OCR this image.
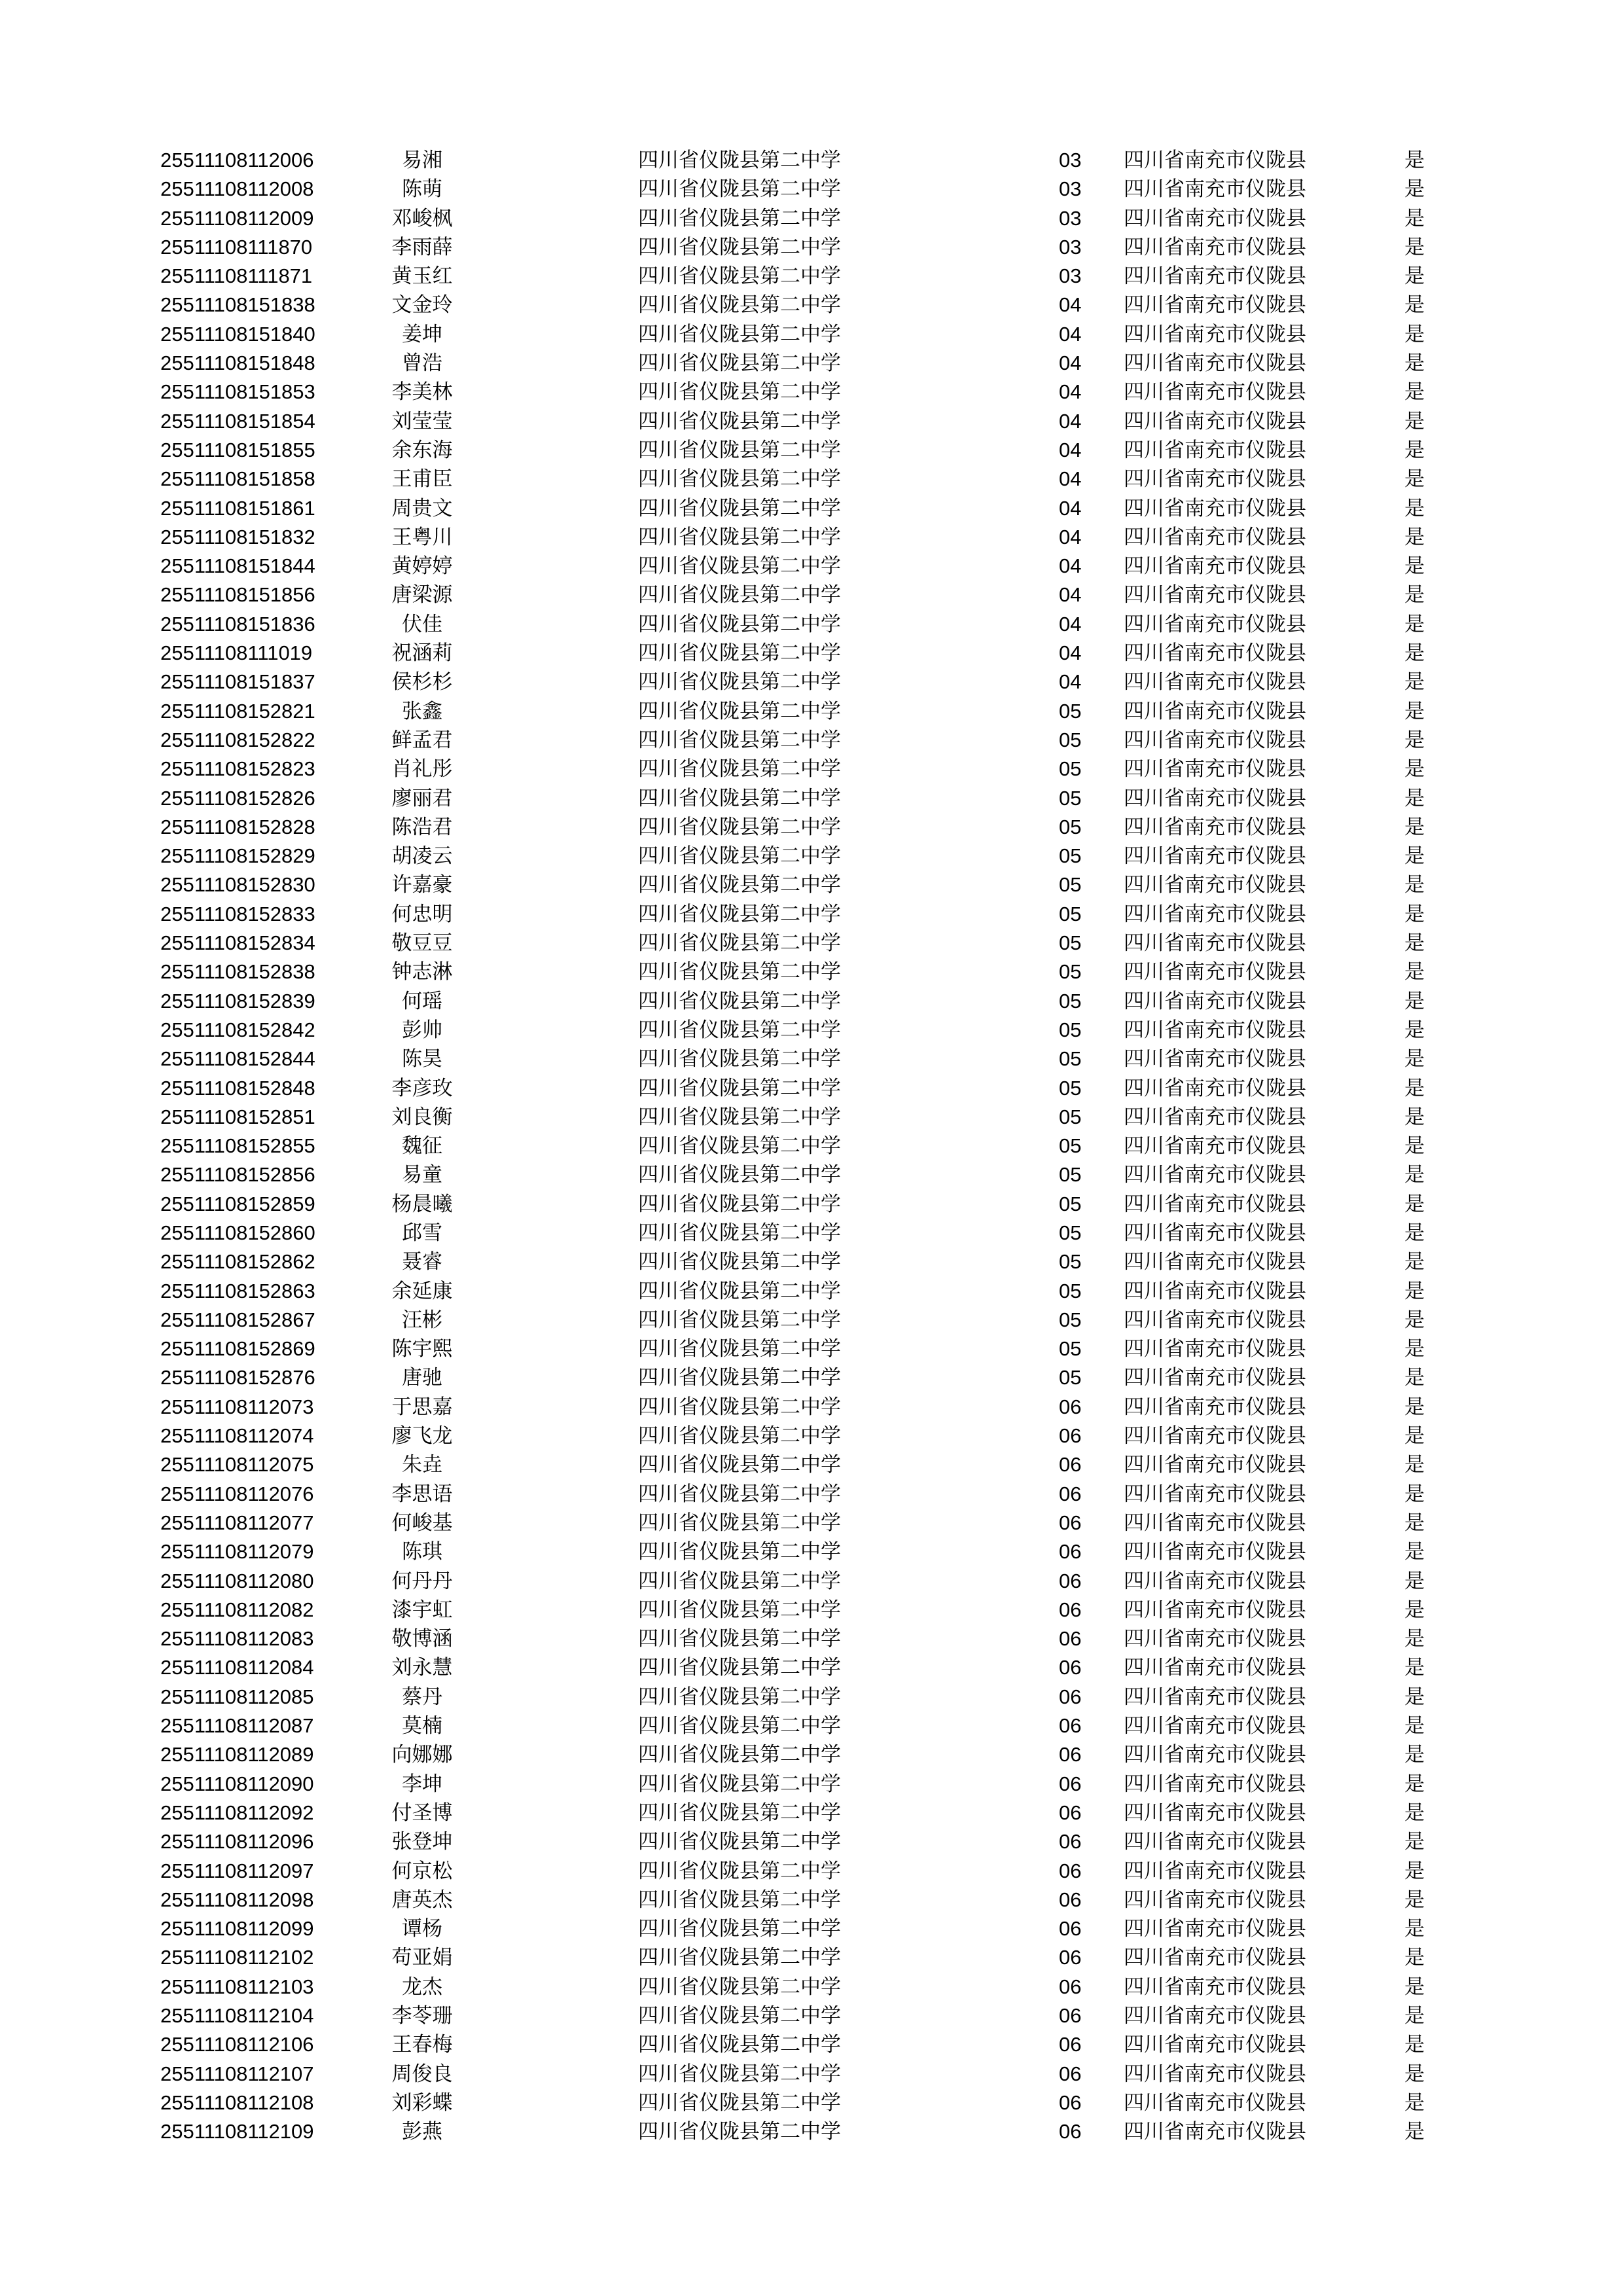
25511108112006	易湘	四川省仪陇县第二中学	03 四川省南充市仪陇县	是
25511108112008	陈萌	四川省仪陇县第二中学	03 四川省南充市仪陇县	是
25511108112009	邓峻枫	四川省仪陇县第二中学	03 四川省南充市仪陇县	是
25511108111870	李雨薛	四川省仪陇县第二中学	03 四川省南充市仪陇县	是
25511108111871	黄玉红	四川省仪陇县第二中学	03 四川省南充市仪陇县	是
25511108151838	文金玲	四川省仪陇县第二中学	04 四川省南充市仪陇县	是
25511108151840	姜坤	四川省仪陇县第二中学	04 四川省南充市仪陇县	是
25511108151848	曾浩	四川省仪陇县第二中学	04 四川省南充市仪陇县	是
25511108151853	李美林	四川省仪陇县第二中学	04 四川省南充市仪陇县	是
25511108151854	刘莹莹	四川省仪陇县第二中学	04 四川省南充市仪陇县	是
25511108151855	余东海	四川省仪陇县第二中学	04 四川省南充市仪陇县	是
25511108151858	王甫臣	四川省仪陇县第二中学	04 四川省南充市仪陇县	是
25511108151861	周贵文	四川省仪陇县第二中学	04 四川省南充市仪陇县	是
25511108151832	王粤川	四川省仪陇县第二中学	04 四川省南充市仪陇县	是
25511108151844	黄婷婷	四川省仪陇县第二中学	04 四川省南充市仪陇县	是
25511108151856	唐梁源	四川省仪陇县第二中学	04 四川省南充市仪陇县	是
25511108151836	伏佳	四川省仪陇县第二中学	04 四川省南充市仪陇县	是
25511108111019	祝涵莉	四川省仪陇县第二中学	04 四川省南充市仪陇县	是
25511108151837	侯杉杉	四川省仪陇县第二中学	04 四川省南充市仪陇县	是
25511108152821	张鑫	四川省仪陇县第二中学	05 四川省南充市仪陇县	是
25511108152822	鲜孟君	四川省仪陇县第二中学	05 四川省南充市仪陇县	是
25511108152823	肖礼彤	四川省仪陇县第二中学	05 四川省南充市仪陇县	是
25511108152826	廖丽君	四川省仪陇县第二中学	05 四川省南充市仪陇县	是
25511108152828	陈浩君	四川省仪陇县第二中学	05 四川省南充市仪陇县	是
25511108152829	胡凌云	四川省仪陇县第二中学	05 四川省南充市仪陇县	是
25511108152830	许嘉豪	四川省仪陇县第二中学	05 四川省南充市仪陇县	是
25511108152833	何忠明	四川省仪陇县第二中学	05 四川省南充市仪陇县	是
25511108152834	敬豆豆	四川省仪陇县第二中学	05 四川省南充市仪陇县	是
25511108152838	钟志淋	四川省仪陇县第二中学	05 四川省南充市仪陇县	是
25511108152839	何瑶	四川省仪陇县第二中学	05 四川省南充市仪陇县	是
25511108152842	彭帅	四川省仪陇县第二中学	05 四川省南充市仪陇县	是
25511108152844	陈昊	四川省仪陇县第二中学	05 四川省南充市仪陇县	是
25511108152848	李彦玫	四川省仪陇县第二中学	05 四川省南充市仪陇县	是
25511108152851	刘良衡	四川省仪陇县第二中学	05 四川省南充市仪陇县	是
25511108152855	魏征	四川省仪陇县第二中学	05 四川省南充市仪陇县	是
25511108152856	易童	四川省仪陇县第二中学	05 四川省南充市仪陇县	是
25511108152859	杨晨曦	四川省仪陇县第二中学	05 四川省南充市仪陇县	是
25511108152860	邱雪	四川省仪陇县第二中学	05 四川省南充市仪陇县	是
25511108152862	聂睿	四川省仪陇县第二中学	05 四川省南充市仪陇县	是
25511108152863	余延康	四川省仪陇县第二中学	05 四川省南充市仪陇县	是
25511108152867	汪彬	四川省仪陇县第二中学	05 四川省南充市仪陇县	是
25511108152869	陈宇熙	四川省仪陇县第二中学	05 四川省南充市仪陇县	是
25511108152876	唐驰	四川省仪陇县第二中学	05 四川省南充市仪陇县	是
25511108112073	于思嘉	四川省仪陇县第二中学	06 四川省南充市仪陇县	是
25511108112074	廖飞龙	四川省仪陇县第二中学	06 四川省南充市仪陇县	是
25511108112075	朱垚	四川省仪陇县第二中学	06 四川省南充市仪陇县	是
25511108112076	李思语	四川省仪陇县第二中学	06 四川省南充市仪陇县	是
25511108112077	何峻基	四川省仪陇县第二中学	06 四川省南充市仪陇县	是
25511108112079	陈琪	四川省仪陇县第二中学	06 四川省南充市仪陇县	是
25511108112080	何丹丹	四川省仪陇县第二中学	06 四川省南充市仪陇县	是
25511108112082	漆宇虹	四川省仪陇县第二中学	06 四川省南充市仪陇县	是
25511108112083	敬博涵	四川省仪陇县第二中学	06 四川省南充市仪陇县	是
25511108112084	刘永慧	四川省仪陇县第二中学	06 四川省南充市仪陇县	是
25511108112085	蔡丹	四川省仪陇县第二中学	06 四川省南充市仪陇县	是
25511108112087	莫楠	四川省仪陇县第二中学	06 四川省南充市仪陇县	是
25511108112089	向娜娜	四川省仪陇县第二中学	06 四川省南充市仪陇县	是
25511108112090	李坤	四川省仪陇县第二中学	06 四川省南充市仪陇县	是
25511108112092	付圣博	四川省仪陇县第二中学	06 四川省南充市仪陇县	是
25511108112096	张登坤	四川省仪陇县第二中学	06 四川省南充市仪陇县	是
25511108112097	何京松	四川省仪陇县第二中学	06 四川省南充市仪陇县	是
25511108112098	唐英杰	四川省仪陇县第二中学	06 四川省南充市仪陇县	是
25511108112099	谭杨	四川省仪陇县第二中学	06 四川省南充市仪陇县	是
25511108112102	苟亚娟	四川省仪陇县第二中学	06 四川省南充市仪陇县	是
25511108112103	龙杰	四川省仪陇县第二中学	06 四川省南充市仪陇县	是
25511108112104	李苓珊	四川省仪陇县第二中学	06 四川省南充市仪陇县	是
25511108112106	王春梅	四川省仪陇县第二中学	06 四川省南充市仪陇县	是
25511108112107	周俊良	四川省仪陇县第二中学	06 四川省南充市仪陇县	是
25511108112108	刘彩蝶	四川省仪陇县第二中学	06 四川省南充市仪陇县	是
25511108112109	彭燕	四川省仪陇县第二中学	06 四川省南充市仪陇县	是
